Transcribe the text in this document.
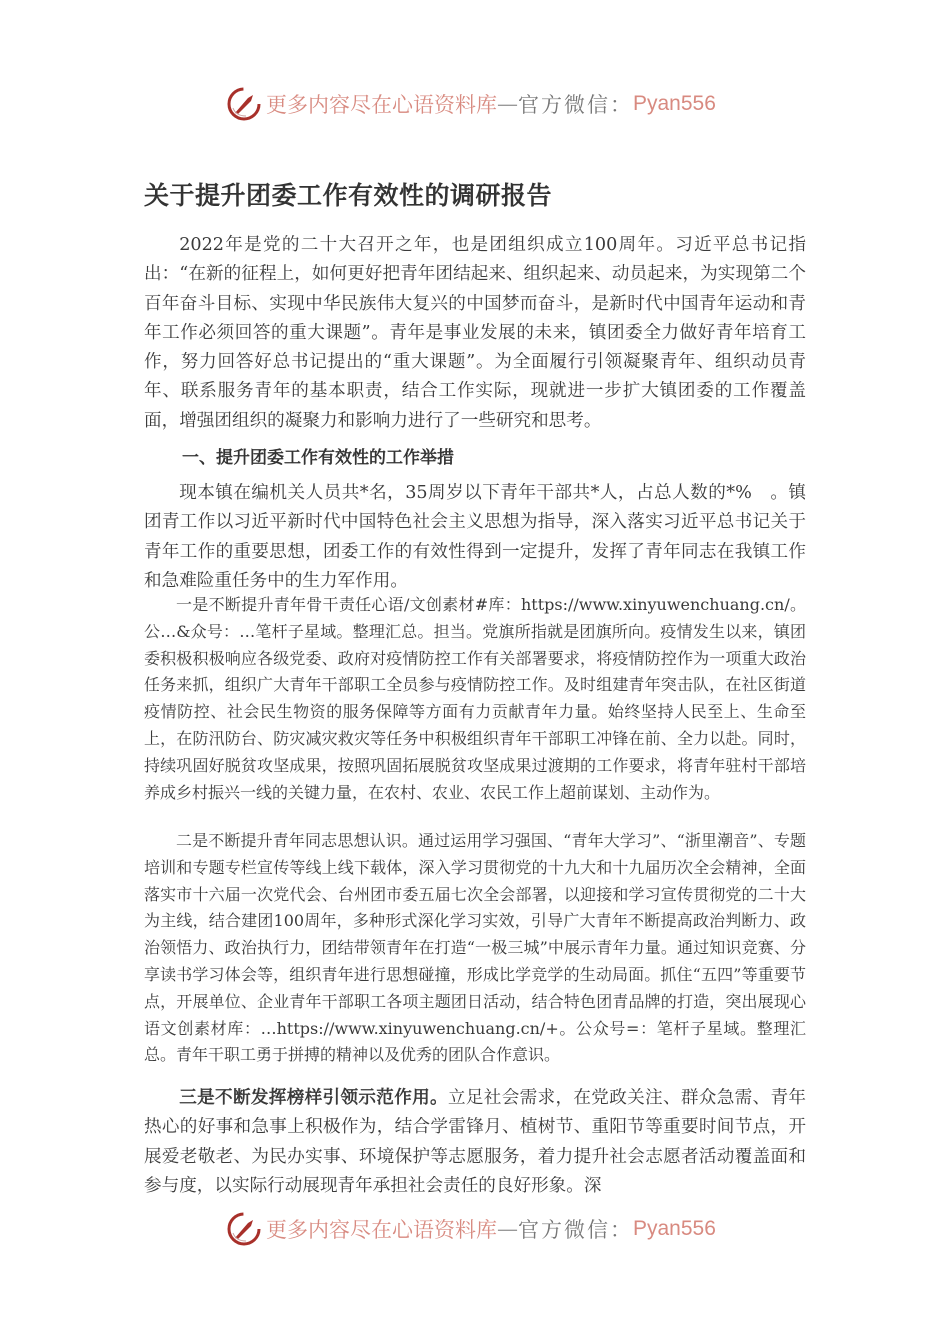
更多内容尽在心语资料库 — 官方微信： Pyan556
关于提升团委工作有效性的调研报告

2022年是党的二十大召开之年，也是团组织成立100周年。习近平总书记指出：“在新的征程上，如何更好把青年团结起来、组织起来、动员起来，为实现第二个百年奋斗目标、实现中华民族伟大复兴的中国梦而奋斗，是新时代中国青年运动和青年工作必须回答的重大课题”。青年是事业发展的未来，镇团委全力做好青年培育工作，努力回答好总书记提出的“重大课题”。为全面履行引领凝聚青年、组织动员青年、联系服务青年的基本职责，结合工作实际，现就进一步扩大镇团委的工作覆盖面，增强团组织的凝聚力和影响力进行了一些研究和思考。

一、提升团委工作有效性的工作举措

现本镇在编机关人员共*名，35周岁以下青年干部共*人，占总人数的*%　。镇团青工作以习近平新时代中国特色社会主义思想为指导，深入落实习近平总书记关于青年工作的重要思想，团委工作的有效性得到一定提升，发挥了青年同志在我镇工作和急难险重任务中的生力军作用。

一是不断提升青年骨干责任心语/文创素材#库：https://www.xinyuwenchuang.cn/。公…&众号：…笔杆子星域。整理汇总。担当。党旗所指就是团旗所向。疫情发生以来，镇团委积极积极响应各级党委、政府对疫情防控工作有关部署要求，将疫情防控作为一项重大政治任务来抓，组织广大青年干部职工全员参与疫情防控工作。及时组建青年突击队，在社区街道疫情防控、社会民生物资的服务保障等方面有力贡献青年力量。始终坚持人民至上、生命至上，在防汛防台、防灾减灾救灾等任务中积极组织青年干部职工冲锋在前、全力以赴。同时，持续巩固好脱贫攻坚成果，按照巩固拓展脱贫攻坚成果过渡期的工作要求，将青年驻村干部培养成乡村振兴一线的关键力量，在农村、农业、农民工作上超前谋划、主动作为。

二是不断提升青年同志思想认识。通过运用学习强国、“青年大学习”、“浙里潮音”、专题培训和专题专栏宣传等线上线下载体，深入学习贯彻党的十九大和十九届历次全会精神，全面落实市十六届一次党代会、台州团市委五届七次全会部署，以迎接和学习宣传贯彻党的二十大为主线，结合建团100周年，多种形式深化学习实效，引导广大青年不断提高政治判断力、政治领悟力、政治执行力，团结带领青年在打造“一极三城”中展示青年力量。通过知识竞赛、分享读书学习体会等，组织青年进行思想碰撞，形成比学竞学的生动局面。抓住“五四”等重要节点，开展单位、企业青年干部职工各项主题团日活动，结合特色团青品牌的打造，突出展现心语文创素材库：…https://www.xinyuwenchuang.cn/+。公众号=：笔杆子星域。整理汇总。青年干职工勇于拼搏的精神以及优秀的团队合作意识。

三是不断发挥榜样引领示范作用。立足社会需求，在党政关注、群众急需、青年热心的好事和急事上积极作为，结合学雷锋月、植树节、重阳节等重要时间节点，开展爱老敬老、为民办实事、环境保护等志愿服务，着力提升社会志愿者活动覆盖面和参与度，以实际行动展现青年承担社会责任的良好形象。深

更多内容尽在心语资料库 — 官方微信： Pyan556
